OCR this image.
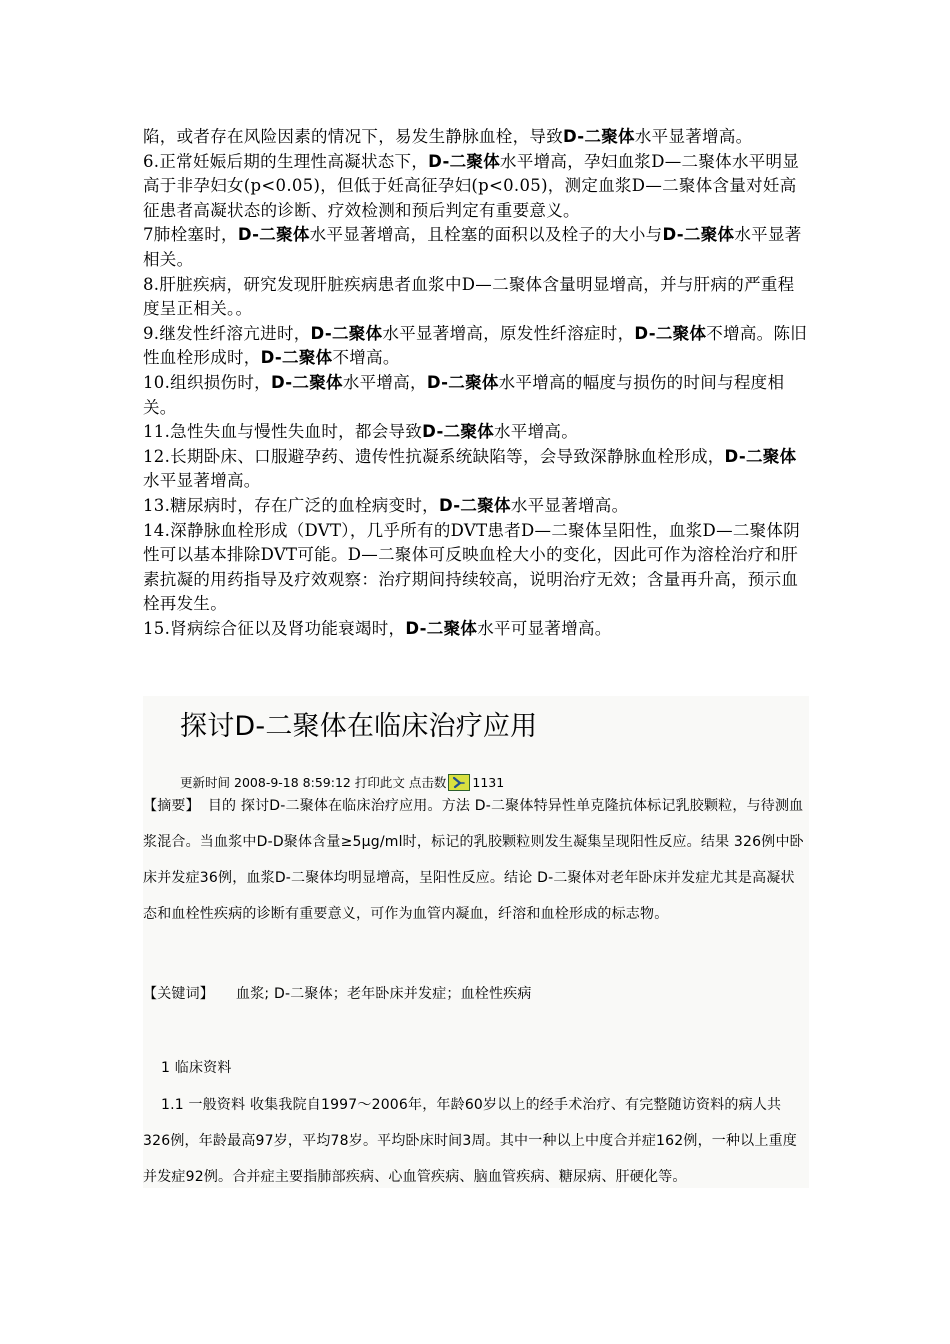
陷，或者存在风险因素的情况下，易发生静脉血栓，导致D-二聚体水平显著增高。

6.正常妊娠后期的生理性高凝状态下，D-二聚体水平增高，孕妇血浆D—二聚体水平明显高于非孕妇女(p<0.05)，但低于妊高征孕妇(p<0.05)，测定血浆D—二聚体含量对妊高征患者高凝状态的诊断、疗效检测和预后判定有重要意义。

7肺栓塞时，D-二聚体水平显著增高，且栓塞的面积以及栓子的大小与D-二聚体水平显著相关。

8.肝脏疾病，研究发现肝脏疾病患者血浆中D—二聚体含量明显增高，并与肝病的严重程度呈正相关。。

9.继发性纤溶亢进时，D-二聚体水平显著增高，原发性纤溶症时，D-二聚体不增高。陈旧性血栓形成时，D-二聚体不增高。

10.组织损伤时，D-二聚体水平增高，D-二聚体水平增高的幅度与损伤的时间与程度相关。

11.急性失血与慢性失血时，都会导致D-二聚体水平增高。

12.长期卧床、口服避孕药、遗传性抗凝系统缺陷等，会导致深静脉血栓形成，D-二聚体水平显著增高。

13.糖尿病时，存在广泛的血栓病变时，D-二聚体水平显著增高。

14.深静脉血栓形成（DVT），几乎所有的DVT患者D—二聚体呈阳性，血浆D—二聚体阴性可以基本排除DVT可能。D—二聚体可反映血栓大小的变化，因此可作为溶栓治疗和肝素抗凝的用药指导及疗效观察：治疗期间持续较高，说明治疗无效；含量再升高，预示血栓再发生。

15.肾病综合征以及肾功能衰竭时，D-二聚体水平可显著增高。

探讨D-二聚体在临床治疗应用
更新时间 2008-9-18 8:59:12 打印此文 点击数 1131
【摘要】 目的 探讨D-二聚体在临床治疗应用。方法 D-二聚体特异性单克隆抗体标记乳胶颗粒，与待测血浆混合。当血浆中D-D聚体含量≥5μg/ml时，标记的乳胶颗粒则发生凝集呈现阳性反应。结果 326例中卧床并发症36例，血浆D-二聚体均明显增高，呈阳性反应。结论 D-二聚体对老年卧床并发症尤其是高凝状态和血栓性疾病的诊断有重要意义，可作为血管内凝血，纤溶和血栓形成的标志物。
【关键词】 血浆; D-二聚体；老年卧床并发症；血栓性疾病
1 临床资料
1.1 一般资料 收集我院自1997～2006年，年龄60岁以上的经手术治疗、有完整随访资料的病人共326例，年龄最高97岁，平均78岁。平均卧床时间3周。其中一种以上中度合并症162例，一种以上重度并发症92例。合并症主要指肺部疾病、心血管疾病、脑血管疾病、糖尿病、肝硬化等。
